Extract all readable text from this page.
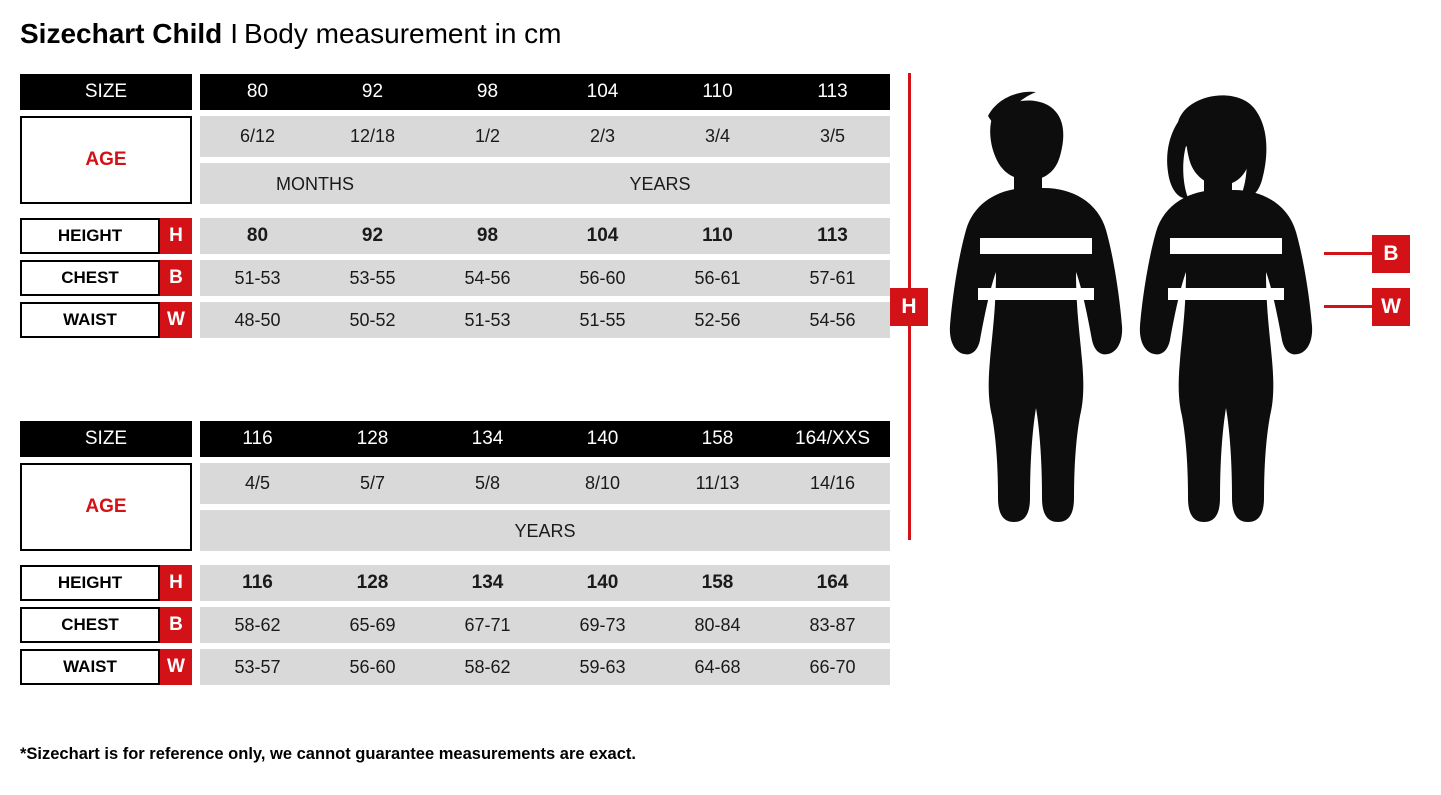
Sizechart Child I Body measurement in cm
SIZE			80	92	98	104	110	113

AGE			6/12	12/18	1/2	2/3	3/4	3/5

			MONTHS		YEARS			

HEIGHT	H		80	92	98	104	110	113

CHEST	B		51-53	53-55	54-56	56-60	56-61	57-61

WAIST	W		48-50	50-52	51-53	51-55	52-56	54-56
SIZE			116	128	134	140	158	164/XXS

AGE			4/5	5/7	5/8	8/10	11/13	14/16

			YEARS					

HEIGHT	H		116	128	134	140	158	164

CHEST	B		58-62	65-69	67-71	69-73	80-84	83-87

WAIST	W		53-57	56-60	58-62	59-63	64-68	66-70
H
B
W
*Sizechart is for reference only, we cannot guarantee measurements are exact.
